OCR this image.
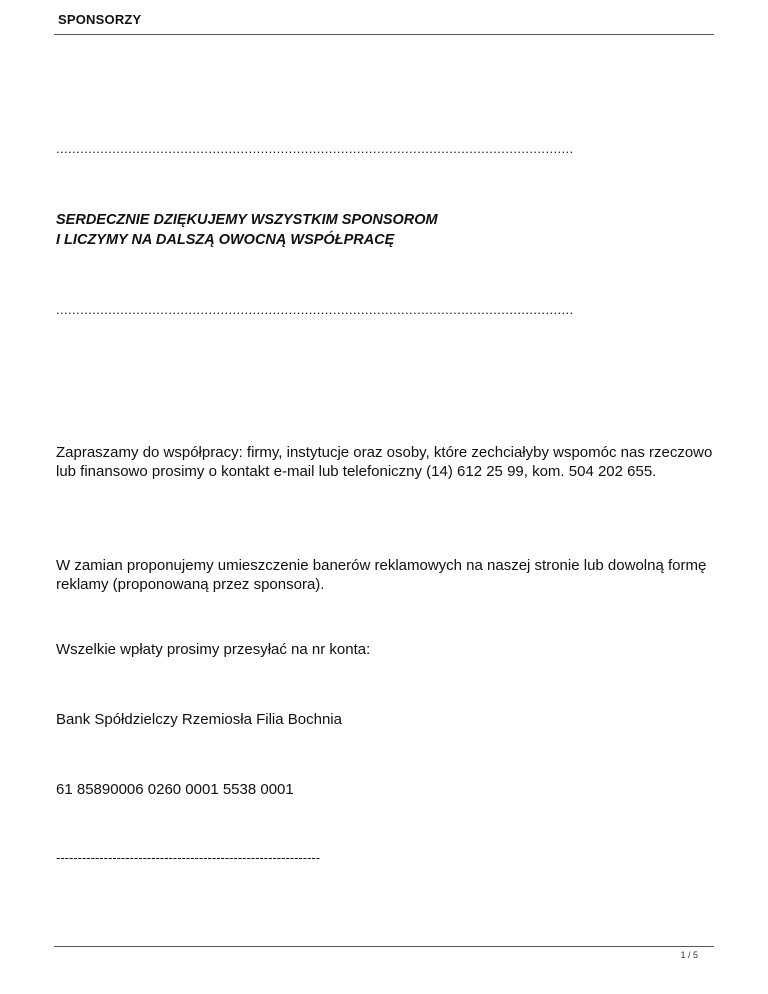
SPONSORZY
.................................................................................................................................
SERDECZNIE DZIĘKUJEMY WSZYSTKIM SPONSOROM
I LICZYMY NA DALSZĄ OWOCNĄ WSPÓŁPRACĘ
.................................................................................................................................
Zapraszamy do współpracy: firmy, instytucje oraz osoby, które zechciałyby wspomóc nas rzeczowo lub finansowo prosimy o kontakt e-mail lub telefoniczny (14) 612 25 99, kom. 504 202 655.
W zamian proponujemy umieszczenie banerów reklamowych na naszej stronie lub dowolną formę reklamy (proponowaną przez sponsora).
Wszelkie wpłaty prosimy przesyłać na nr konta:
Bank Spółdzielczy Rzemiosła Filia Bochnia
61 85890006 0260 0001 5538 0001
-------------------------------------------------------------
1 / 5
